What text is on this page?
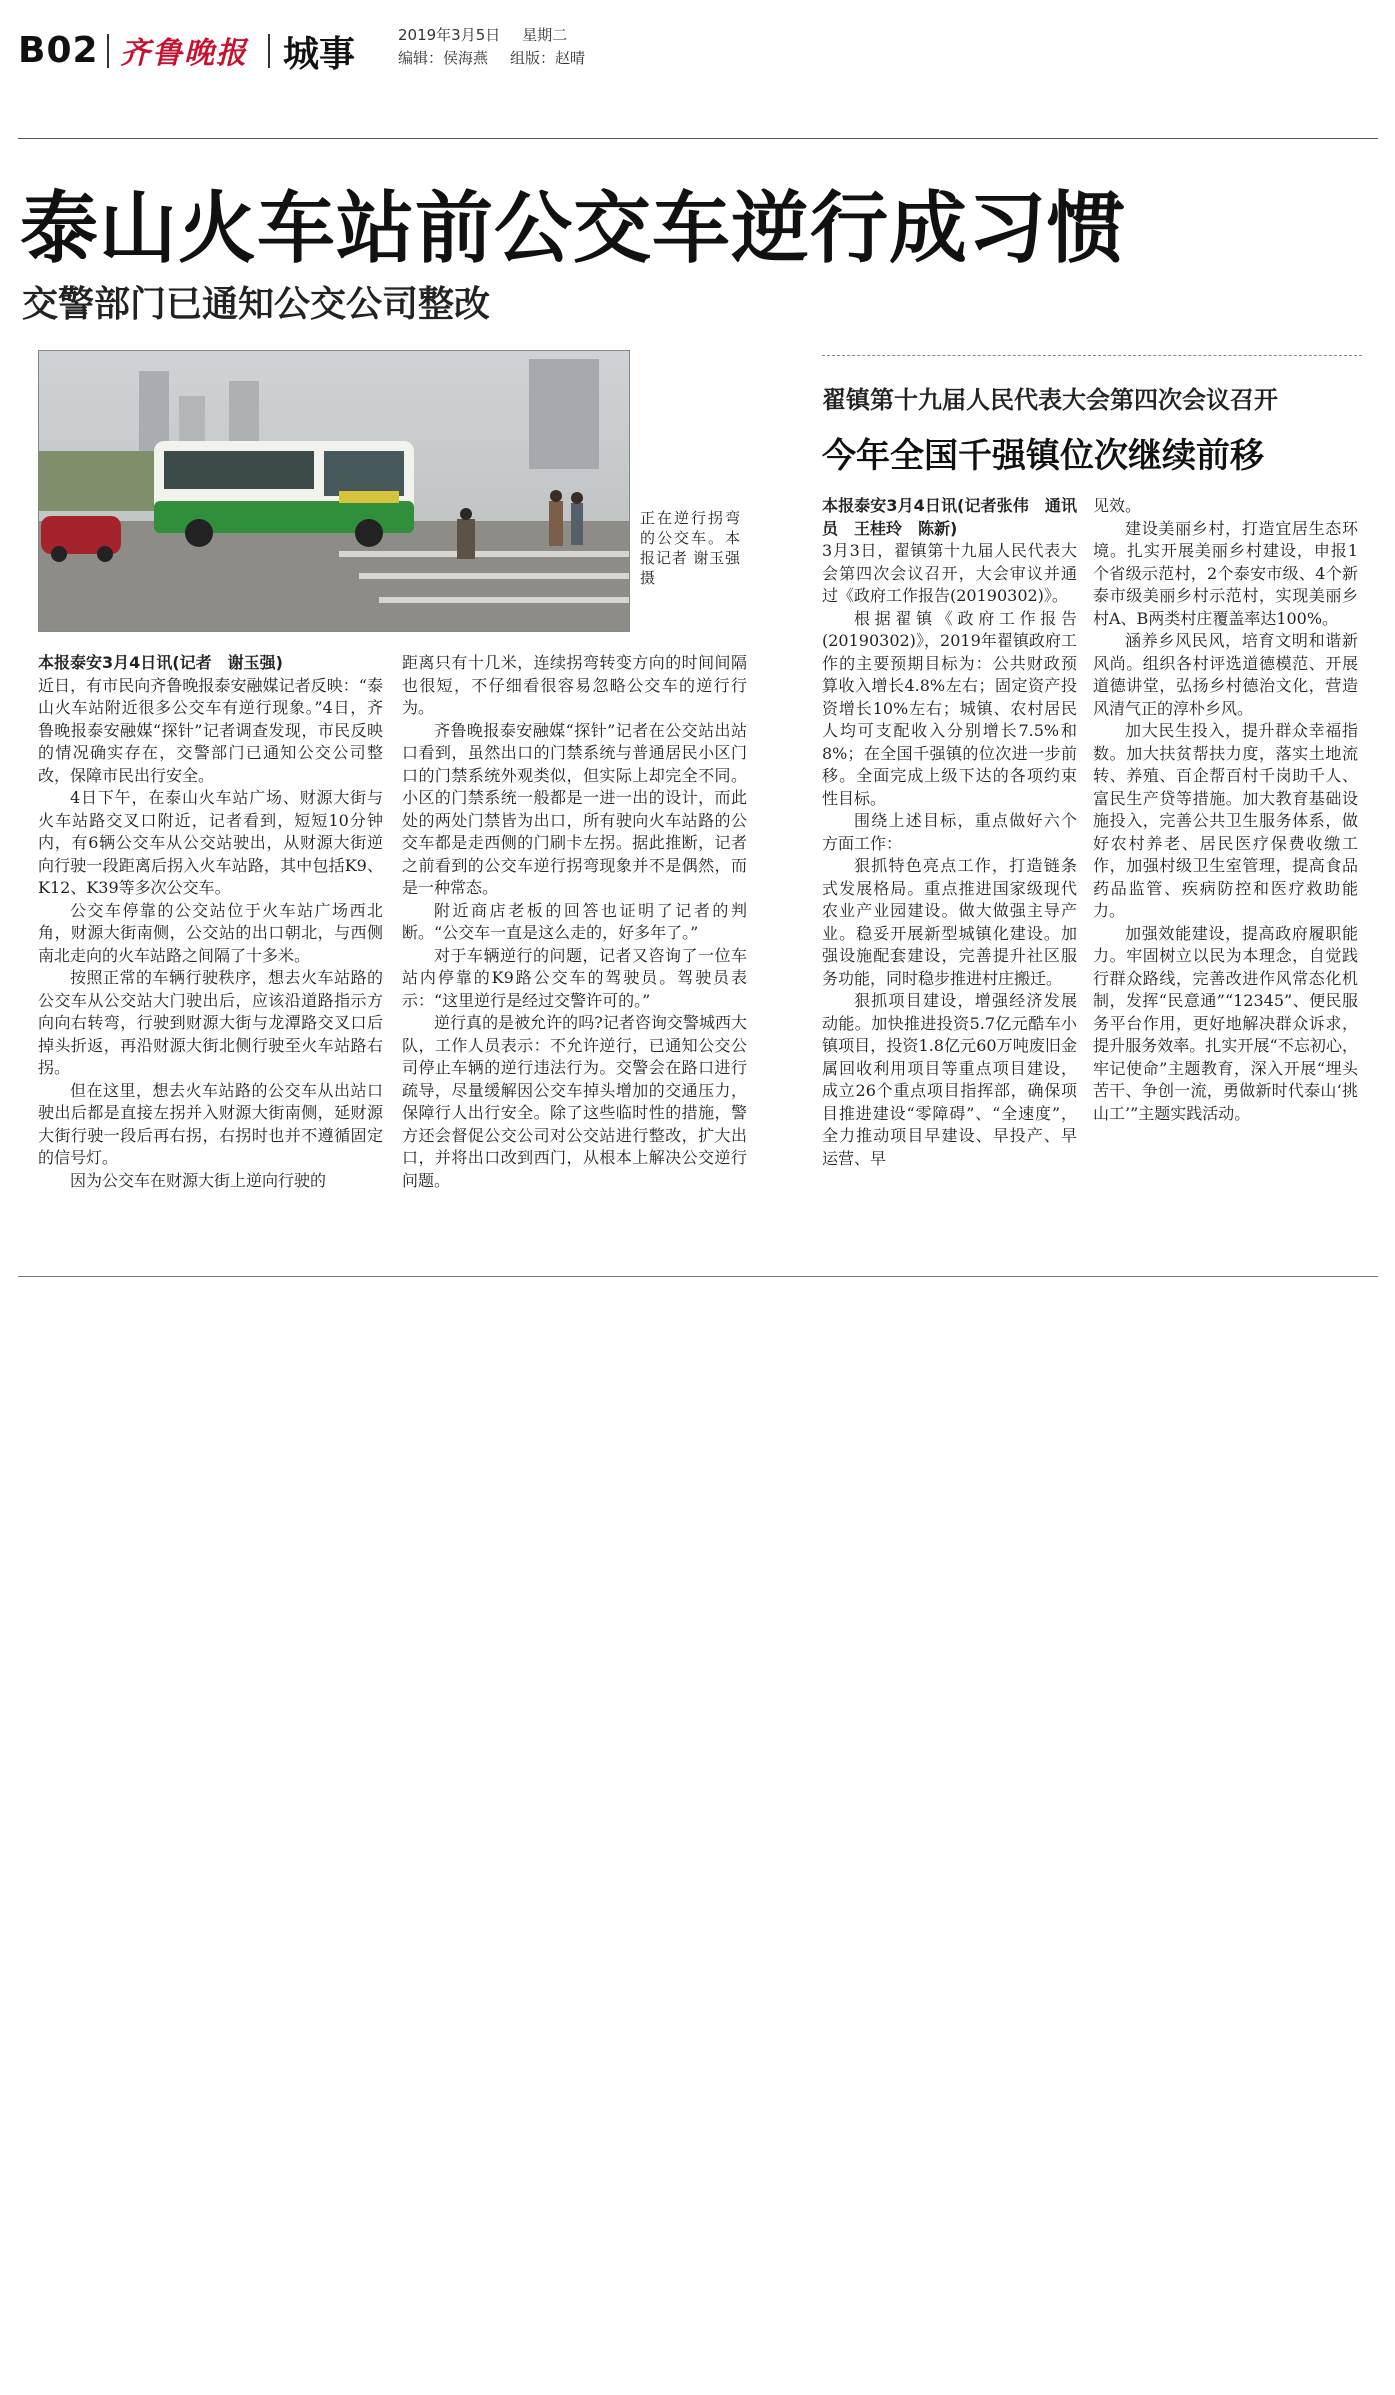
B02 齐鲁晚报 城事	2019年3月5日 星期二
编辑：侯海燕 组版：赵晴
泰山火车站前公交车逆行成习惯
交警部门已通知公交公司整改
正在逆行拐弯的公交车。本报记者 谢玉强 摄

本报泰安3月4日讯(记者　谢玉强)

近日，有市民向齐鲁晚报泰安融媒记者反映：“泰山火车站附近很多公交车有逆行现象。”4日，齐鲁晚报泰安融媒“探针”记者调查发现，市民反映的情况确实存在，交警部门已通知公交公司整改，保障市民出行安全。

4日下午，在泰山火车站广场、财源大街与火车站路交叉口附近，记者看到，短短10分钟内，有6辆公交车从公交站驶出，从财源大街逆向行驶一段距离后拐入火车站路，其中包括K9、K12、K39等多次公交车。

公交车停靠的公交站位于火车站广场西北角，财源大街南侧，公交站的出口朝北，与西侧南北走向的火车站路之间隔了十多米。

按照正常的车辆行驶秩序，想去火车站路的公交车从公交站大门驶出后，应该沿道路指示方向向右转弯，行驶到财源大街与龙潭路交叉口后掉头折返，再沿财源大街北侧行驶至火车站路右拐。

但在这里，想去火车站路的公交车从出站口驶出后都是直接左拐并入财源大街南侧，延财源大街行驶一段后再右拐，右拐时也并不遵循固定的信号灯。

因为公交车在财源大街上逆向行驶的

距离只有十几米，连续拐弯转变方向的时间间隔也很短，不仔细看很容易忽略公交车的逆行行为。

齐鲁晚报泰安融媒“探针”记者在公交站出站口看到，虽然出口的门禁系统与普通居民小区门口的门禁系统外观类似，但实际上却完全不同。小区的门禁系统一般都是一进一出的设计，而此处的两处门禁皆为出口，所有驶向火车站路的公交车都是走西侧的门刷卡左拐。据此推断，记者之前看到的公交车逆行拐弯现象并不是偶然，而是一种常态。

附近商店老板的回答也证明了记者的判断。“公交车一直是这么走的，好多年了。”

对于车辆逆行的问题，记者又咨询了一位车站内停靠的K9路公交车的驾驶员。驾驶员表示：“这里逆行是经过交警许可的。”

逆行真的是被允许的吗?记者咨询交警城西大队，工作人员表示：不允许逆行，已通知公交公司停止车辆的逆行违法行为。交警会在路口进行疏导，尽量缓解因公交车掉头增加的交通压力，保障行人出行安全。除了这些临时性的措施，警方还会督促公交公司对公交站进行整改，扩大出口，并将出口改到西门，从根本上解决公交逆行问题。

翟镇第十九届人民代表大会第四次会议召开
今年全国千强镇位次继续前移

本报泰安3月4日讯(记者张伟　通讯员　王桂玲　陈新)

3月3日，翟镇第十九届人民代表大会第四次会议召开，大会审议并通过《政府工作报告(20190302)》。

根据翟镇《政府工作报告(20190302)》，2019年翟镇政府工作的主要预期目标为：公共财政预算收入增长4.8%左右；固定资产投资增长10%左右；城镇、农村居民人均可支配收入分别增长7.5%和8%；在全国千强镇的位次进一步前移。全面完成上级下达的各项约束性目标。

围绕上述目标，重点做好六个方面工作：

狠抓特色亮点工作，打造链条式发展格局。重点推进国家级现代农业产业园建设。做大做强主导产业。稳妥开展新型城镇化建设。加强设施配套建设，完善提升社区服务功能，同时稳步推进村庄搬迁。

狠抓项目建设，增强经济发展动能。加快推进投资5.7亿元酷车小镇项目，投资1.8亿元60万吨废旧金属回收利用项目等重点项目建设，成立26个重点项目指挥部，确保项目推进建设“零障碍”、“全速度”，全力推动项目早建设、早投产、早运营、早

见效。

建设美丽乡村，打造宜居生态环境。扎实开展美丽乡村建设，申报1个省级示范村，2个泰安市级、4个新泰市级美丽乡村示范村，实现美丽乡村A、B两类村庄覆盖率达100%。

涵养乡风民风，培育文明和谐新风尚。组织各村评选道德模范、开展道德讲堂，弘扬乡村德治文化，营造风清气正的淳朴乡风。

加大民生投入，提升群众幸福指数。加大扶贫帮扶力度，落实土地流转、养殖、百企帮百村千岗助千人、富民生产贷等措施。加大教育基础设施投入，完善公共卫生服务体系，做好农村养老、居民医疗保费收缴工作，加强村级卫生室管理，提高食品药品监管、疾病防控和医疗救助能力。

加强效能建设，提高政府履职能力。牢固树立以民为本理念，自觉践行群众路线，完善改进作风常态化机制，发挥“民意通”“12345”、便民服务平台作用，更好地解决群众诉求，提升服务效率。扎实开展“不忘初心，牢记使命”主题教育，深入开展“埋头苦干、争创一流，勇做新时代泰山‘挑山工’”主题实践活动。
